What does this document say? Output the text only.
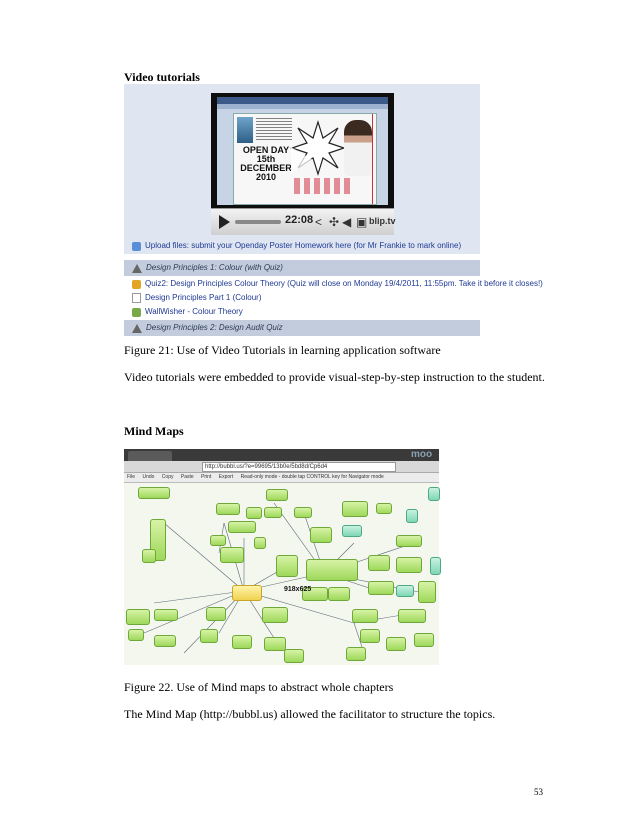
Video tutorials
OPEN DAY 15th DECEMBER 2010
22:08 < ✣ ◀ ▣ blip.tv
Upload files: submit your Openday Poster Homework here (for Mr Frankie to mark online)
Design Principles 1: Colour (with Quiz)
Quiz2: Design Principles Colour Theory (Quiz will close on Monday 19/4/2011, 11:55pm. Take it before it closes!)
Design Principles Part 1 (Colour)
WallWisher - Colour Theory
Design Principles 2: Design Audit Quiz
Figure 21: Use of Video Tutorials in learning application software
Video tutorials were embedded to provide visual-step-by-step instruction to the student.
Mind Maps
moo
http://bubbl.us/?e=99695/13b0e/5bd8d/Cp6d4
File Undo Copy Paste Print Export Read-only mode - double tap CONTROL key for Navigator mode
918x625
Figure 22. Use of Mind maps to abstract whole chapters
The Mind Map (http://bubbl.us) allowed the facilitator to structure the topics.
53
